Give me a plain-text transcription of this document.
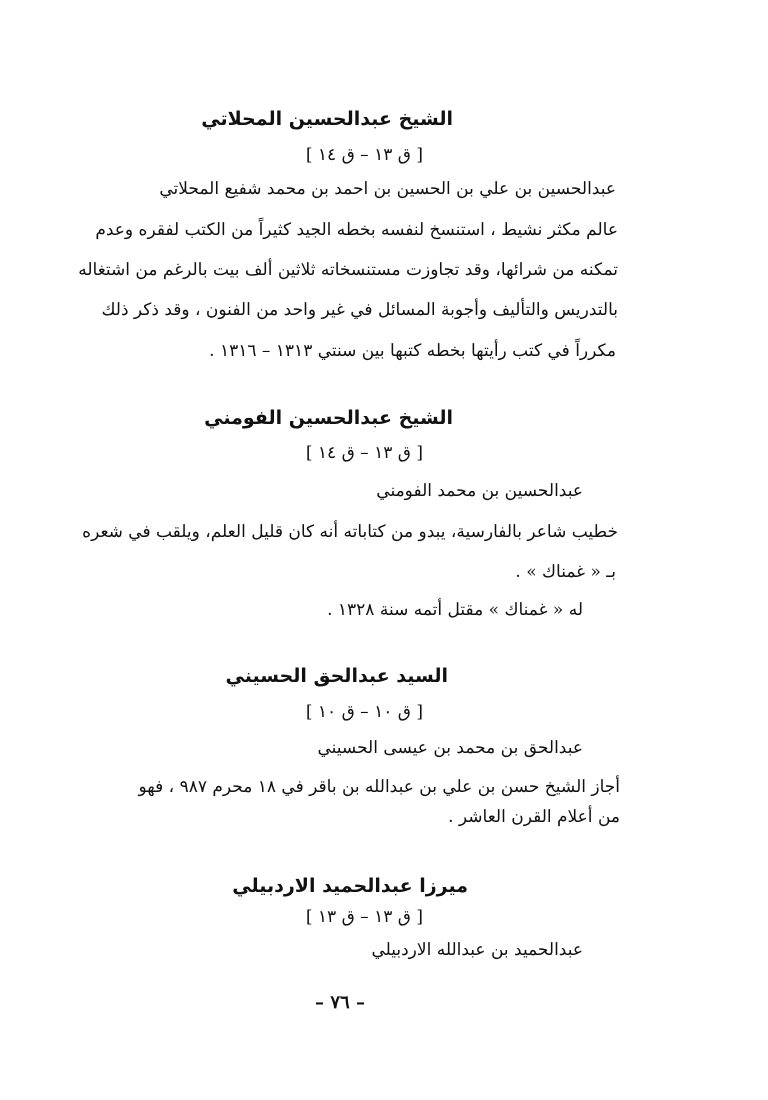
الشيخ عبدالحسين المحلاتي
[ ق ١٣ – ق ١٤ ]
عبدالحسين بن علي بن الحسين بن احمد بن محمد شفيع المحلاتي
عالم مكثر نشيط ، استنسخ لنفسه بخطه الجيد كثيراً من الكتب لفقره وعدم
تمكنه من شرائها، وقد تجاوزت مستنسخاته ثلاثين ألف بيت بالرغم من اشتغاله
بالتدريس والتأليف وأجوبة المسائل في غير واحد من الفنون ، وقد ذكر ذلك
مكرراً في كتب رأيتها بخطه كتبها بين سنتي ١٣١٣ – ١٣١٦ .
الشيخ عبدالحسين الفومني
[ ق ١٣ – ق ١٤ ]
عبدالحسين بن محمد الفومني
خطيب شاعر بالفارسية، يبدو من كتاباته أنه كان قليل العلم، ويلقب في شعره
بـ « غمناك » .
له « غمناك » مقتل أتمه سنة ١٣٢٨ .
السيد عبدالحق الحسيني
[ ق ١٠ – ق ١٠ ]
عبدالحق بن محمد بن عيسى الحسيني
أجاز الشيخ حسن بن علي بن عبدالله بن باقر في ١٨ محرم ٩٨٧ ، فهو
من أعلام القرن العاشر .
ميرزا عبدالحميد الاردبيلي
[ ق ١٣ – ق ١٣ ]
عبدالحميد بن عبدالله الاردبيلي
– ٧٦ –
